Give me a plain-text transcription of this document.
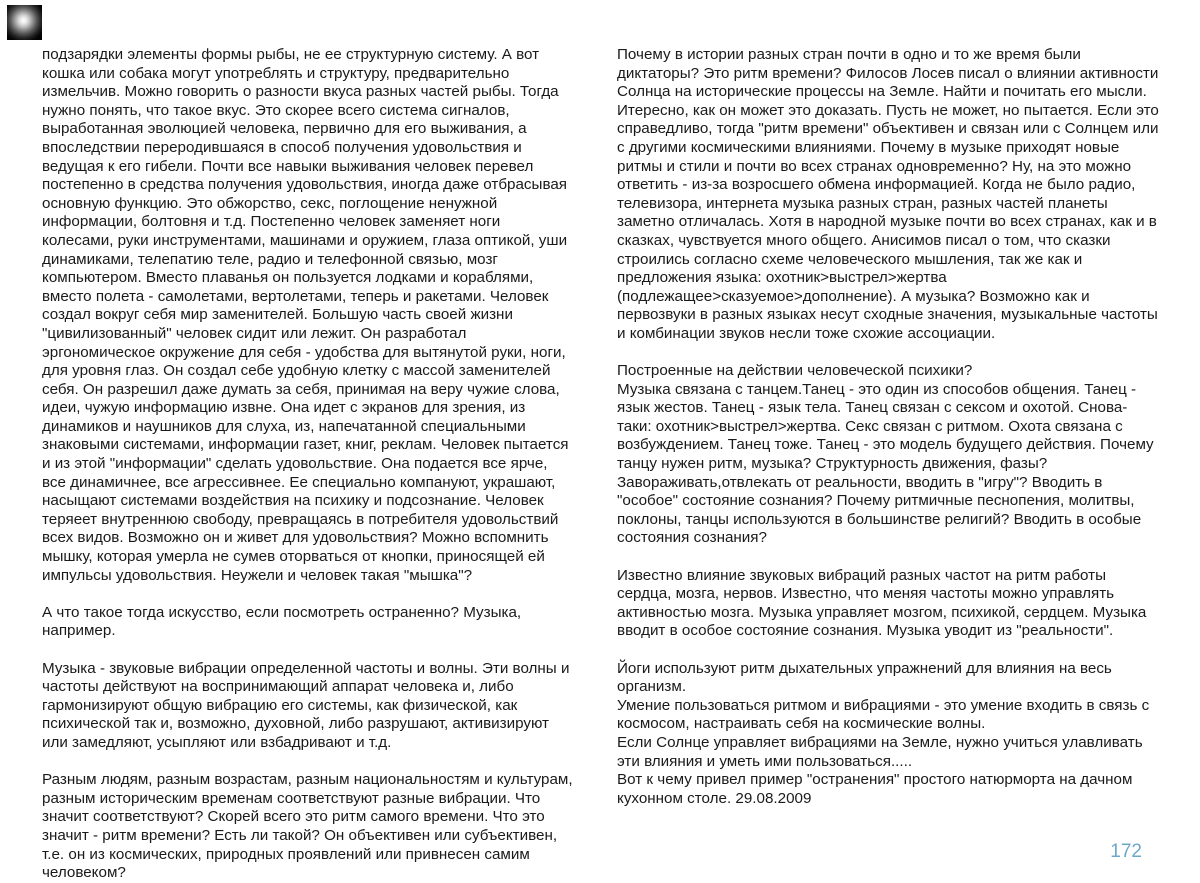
подзарядки элементы формы рыбы, не ее структурную систему. А вот кошка или собака могут употреблять и структуру, предварительно измельчив. Можно говорить о разности вкуса разных частей рыбы. Тогда нужно понять, что такое вкус. Это скорее всего система сигналов, выработанная эволюцией человека, первично для его выживания, а впоследствии переродившаяся в способ получения удовольствия и ведущая к его гибели. Почти все навыки выживания человек перевел постепенно в средства получения удовольствия, иногда даже отбрасывая основную функцию. Это обжорство, секс, поглощение ненужной информации, болтовня и т.д. Постепенно человек заменяет ноги колесами, руки инструментами, машинами и оружием, глаза оптикой, уши динамиками, телепатию теле, радио и телефонной связью, мозг компьютером. Вместо плаванья он пользуется лодками и кораблями, вместо полета - самолетами, вертолетами, теперь и ракетами. Человек создал вокруг себя мир заменителей. Большую часть своей жизни "цивилизованный" человек сидит или лежит. Он разработал эргономическое окружение для себя - удобства для вытянутой руки, ноги, для уровня глаз. Он создал себе удобную клетку с массой заменителей себя. Он разрешил даже думать за себя, принимая на веру чужие слова, идеи, чужую информацию извне. Она идет с экранов для зрения, из динамиков и наушников для слуха, из, напечатанной специальными знаковыми системами, информации газет, книг, реклам. Человек пытается и из этой "информации" сделать удовольствие. Она подается все ярче, все динамичнее, все агрессивнее. Ее специально компануют, украшают, насыщают системами воздействия на психику и подсознание. Человек теряеет внутреннюю свободу, превращаясь в потребителя удовольствий всех видов. Возможно он и живет для удовольствия? Можно вспомнить мышку, которая умерла не сумев оторваться от кнопки, приносящей ей импульсы удовольствия. Неужели и человек такая "мышка"?

А что такое тогда искусство, если посмотреть остраненно? Музыка, например.

Музыка - звуковые вибрации определенной частоты и волны. Эти волны и частоты действуют на воспринимающий аппарат человека и, либо гармонизируют общую вибрацию его системы, как физической, как психической так и, возможно, духовной, либо разрушают, активизируют или замедляют, усыпляют или взбадривают и т.д.

Разным людям, разным возрастам, разным национальностям и культурам, разным историческим временам соответствуют разные вибрации. Что значит соответствуют? Скорей всего это ритм самого времени. Что это значит - ритм времени? Есть ли такой? Он объективен или субъективен, т.е. он из космических, природных проявлений или привнесен самим человеком?

Почему в истории разных стран почти в одно и то же время были диктаторы? Это ритм времени? Филосов Лосев писал о влиянии активности Солнца на исторические процессы на Земле. Найти и почитать его мысли. Итересно, как он может это доказать. Пусть не может, но пытается. Если это справедливо, тогда "ритм времени" объективен и связан или с Солнцем или с другими космическими влияниями. Почему в музыке приходят новые ритмы и стили и почти во всех странах одновременно? Ну, на это можно ответить - из-за возросшего обмена информацией. Когда не было радио, телевизора, интернета музыка разных стран, разных частей планеты заметно отличалась. Хотя в народной музыке почти во всех странах, как и в сказках, чувствуется много общего. Анисимов писал о том, что сказки строились согласно схеме человеческого мышления, так же как и предложения языка: охотник>выстрел>жертва (подлежащее>сказуемое>дополнение). А музыка? Возможно как и первозвуки в разных языках несут сходные значения, музыкальные частоты и комбинации звуков несли тоже схожие ассоциации.

Построенные на действии человеческой психики?

Музыка связана с танцем.Танец - это один из способов общения. Танец - язык жестов. Танец - язык тела. Танец связан с сексом и охотой. Снова-таки: охотник>выстрел>жертва. Секс связан с ритмом. Охота связана с возбуждением. Танец тоже. Танец - это модель будущего действия. Почему танцу нужен ритм, музыка? Структурность движения, фазы? Завораживать,отвлекать от реальности, вводить в "игру"? Вводить в "особое" состояние сознания? Почему ритмичные песнопения, молитвы, поклоны, танцы используются в большинстве религий? Вводить в особые состояния сознания?

Известно влияние звуковых вибраций разных частот на ритм работы сердца, мозга, нервов. Известно, что меняя частоты можно управлять активностью мозга. Музыка управляет мозгом, психикой, сердцем. Музыка вводит в особое состояние сознания. Музыка уводит из "реальности".

Йоги используют ритм дыхательных упражнений для влияния на весь организм.

Умение пользоваться ритмом и вибрациями - это умение входить в связь с космосом, настраивать себя на космические волны.

Если Солнце управляет вибрациями на Земле, нужно учиться улавливать эти влияния и уметь ими пользоваться.....

Вот к чему привел пример "остранения" простого натюрморта на дачном кухонном столе. 29.08.2009

172
